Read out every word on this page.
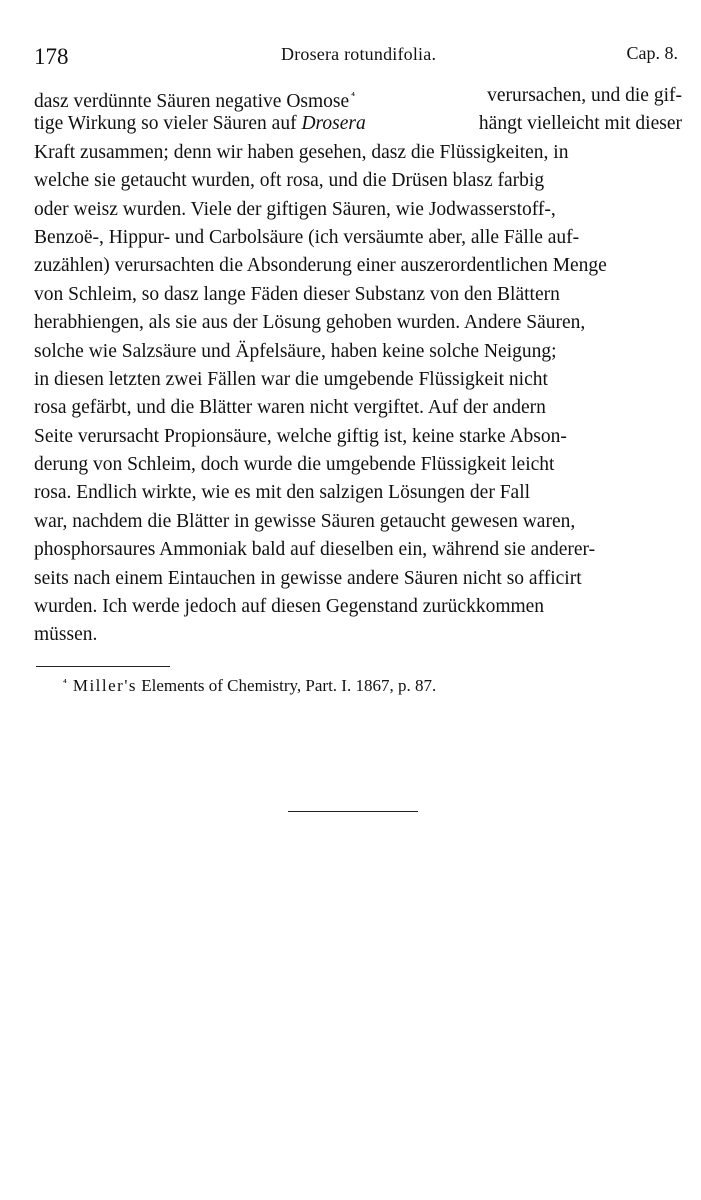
178	Drosera rotundifolia.	Cap. 8.
dasz verdünnte Säuren negative Osmose $^{^4}$	verursachen, und die gif-
tige Wirkung so vieler Säuren auf Drosera	hängt vielleicht mit dieser
Kraft zusammen; denn wir haben gesehen, dasz die Flüssigkeiten, in
welche sie getaucht wurden, oft rosa, und die Drüsen blasz farbig
oder weisz wurden. Viele der giftigen Säuren, wie Jodwasserstoff-,
Benzoë-, Hippur- und Carbolsäure (ich versäumte aber, alle Fälle auf-
zuzählen) verursachten die Absonderung einer auszerordentlichen Menge
von Schleim, so dasz lange Fäden dieser Substanz von den Blättern
herabhiengen, als sie aus der Lösung gehoben wurden. Andere Säuren,
solche wie Salzsäure und Äpfelsäure, haben keine solche Neigung;
in diesen letzten zwei Fällen war die umgebende Flüssigkeit nicht
rosa gefärbt, und die Blätter waren nicht vergiftet. Auf der andern
Seite verursacht Propionsäure, welche giftig ist, keine starke Abson-
derung von Schleim, doch wurde die umgebende Flüssigkeit leicht
rosa. Endlich wirkte, wie es mit den salzigen Lösungen der Fall
war, nachdem die Blätter in gewisse Säuren getaucht gewesen waren,
phosphorsaures Ammoniak bald auf dieselben ein, während sie anderer-
seits nach einem Eintauchen in gewisse andere Säuren nicht so afficirt
wurden. Ich werde jedoch auf diesen Gegenstand zurückkommen
müssen.
$^{^4}$ Miller's Elements of Chemistry, Part. I. 1867, p. 87.
